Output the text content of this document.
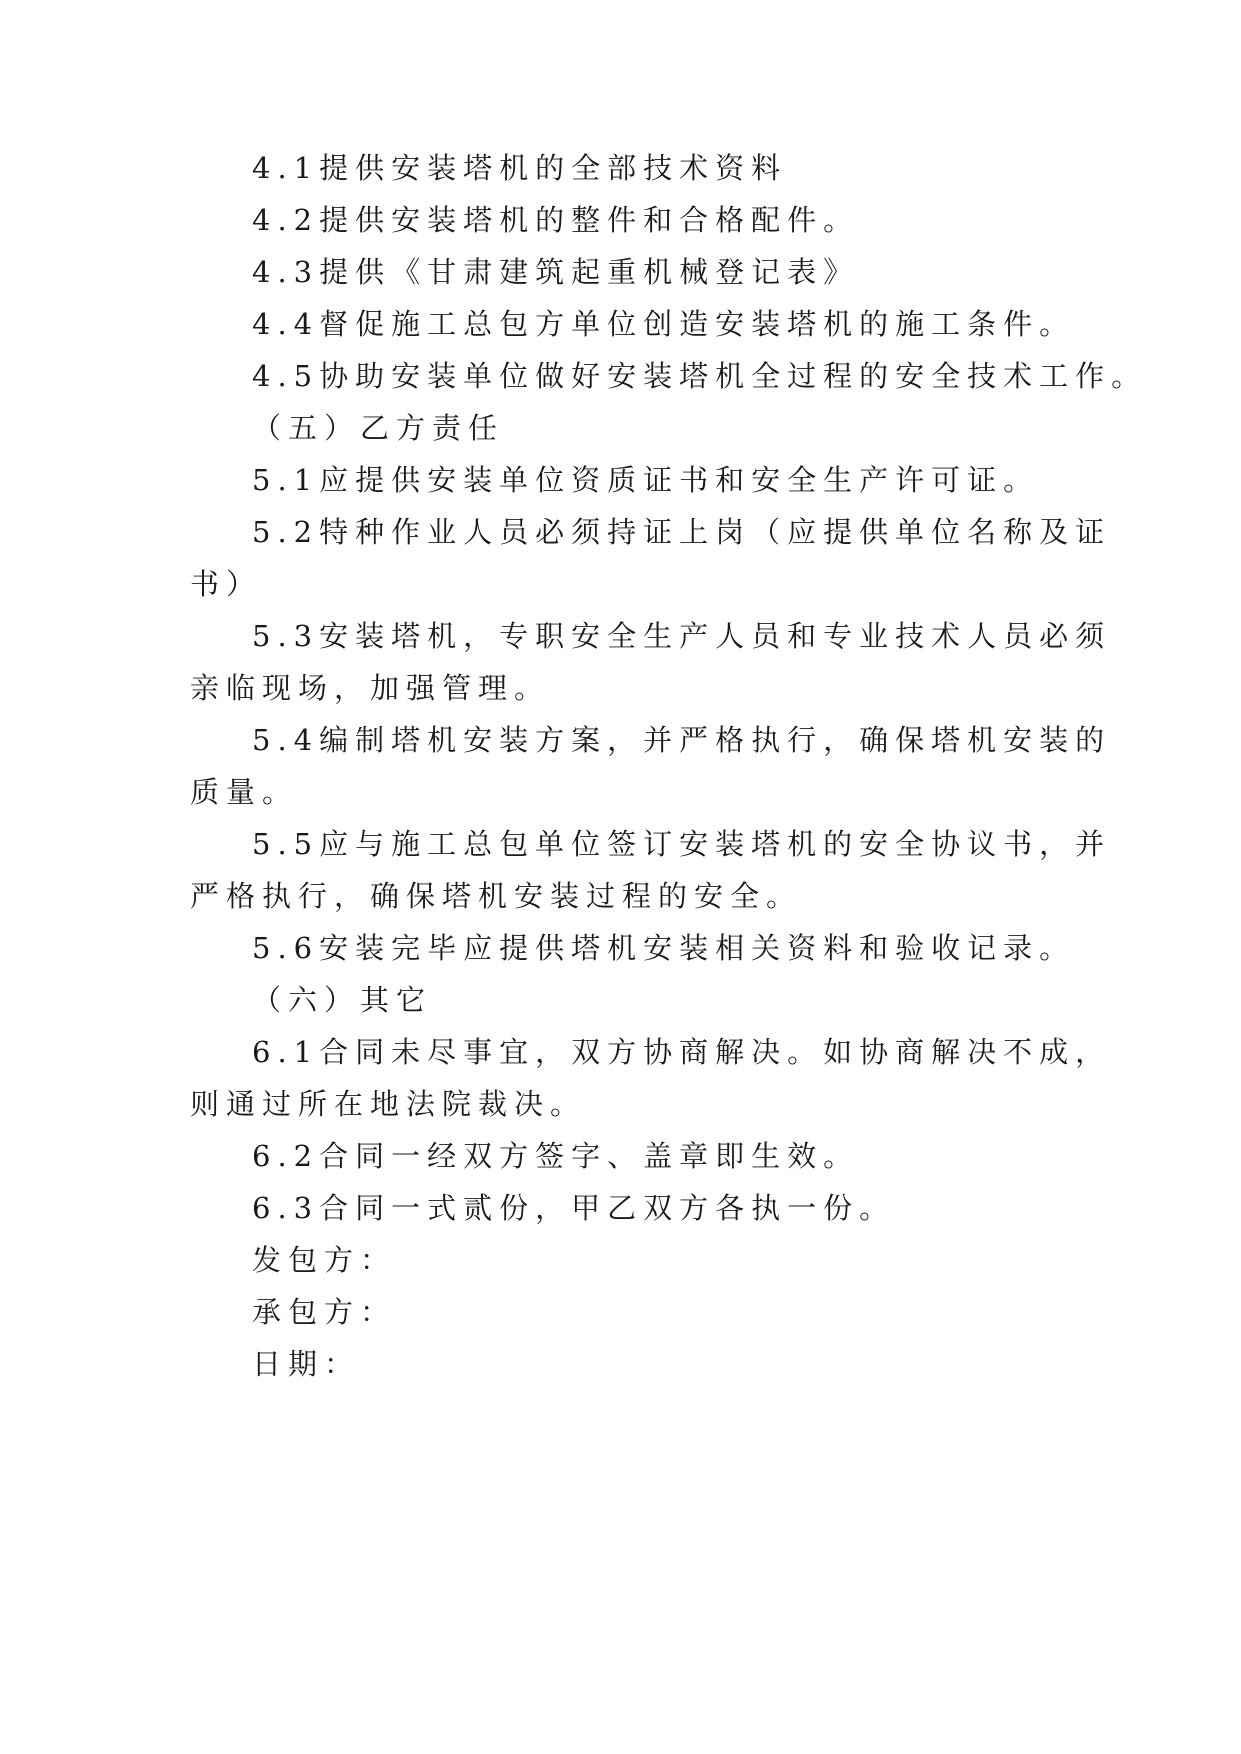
4.1提供安装塔机的全部技术资料

4.2提供安装塔机的整件和合格配件。

4.3提供《甘肃建筑起重机械登记表》

4.4督促施工总包方单位创造安装塔机的施工条件。

4.5协助安装单位做好安装塔机全过程的安全技术工作。

（五）乙方责任

5.1应提供安装单位资质证书和安全生产许可证。

5.2特种作业人员必须持证上岗（应提供单位名称及证

书）

5.3安装塔机，专职安全生产人员和专业技术人员必须

亲临现场，加强管理。

5.4编制塔机安装方案，并严格执行，确保塔机安装的

质量。

5.5应与施工总包单位签订安装塔机的安全协议书，并

严格执行，确保塔机安装过程的安全。

5.6安装完毕应提供塔机安装相关资料和验收记录。

（六）其它

6.1合同未尽事宜，双方协商解决。如协商解决不成，

则通过所在地法院裁决。

6.2合同一经双方签字、盖章即生效。

6.3合同一式贰份，甲乙双方各执一份。

发包方：

承包方：

日期：
